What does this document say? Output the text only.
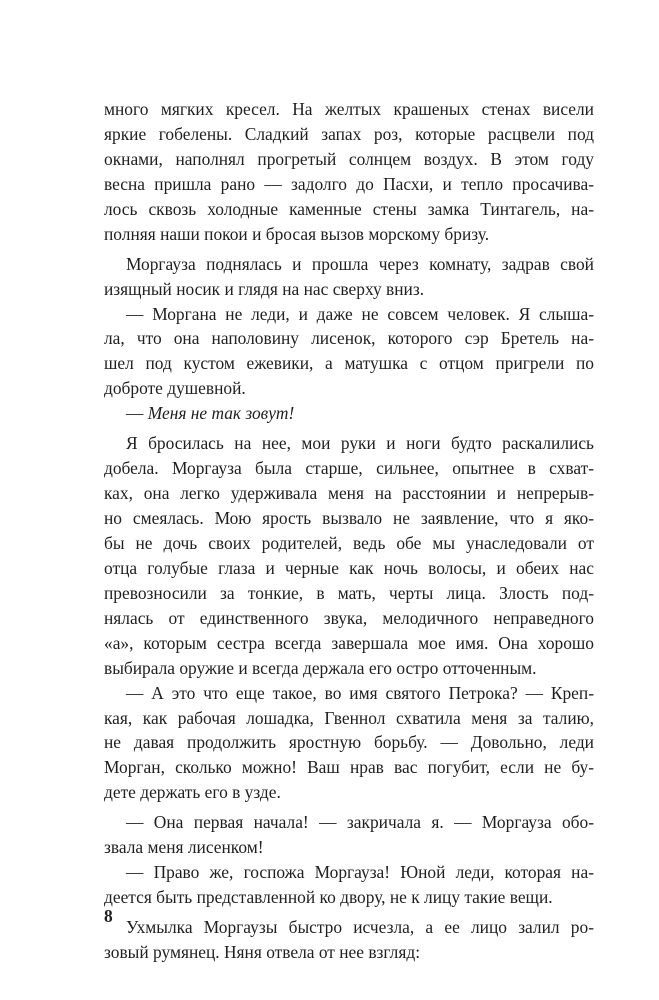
много мягких кресел. На желтых крашеных стенах висели
яркие гобелены. Сладкий запах роз, которые расцвели под
окнами, наполнял прогретый солнцем воздух. В этом году
весна пришла рано — задолго до Пасхи, и тепло просачива-
лось сквозь холодные каменные стены замка Тинтагель, на-
полняя наши покои и бросая вызов морскому бризу.
Моргауза поднялась и прошла через комнату, задрав свой
изящный носик и глядя на нас сверху вниз.
— Моргана не леди, и даже не совсем человек. Я слыша-
ла, что она наполовину лисенок, которого сэр Бретель на-
шел под кустом ежевики, а матушка с отцом пригрели по
доброте душевной.
— Меня не так зовут!
Я бросилась на нее, мои руки и ноги будто раскалились
добела. Моргауза была старше, сильнее, опытнее в схват-
ках, она легко удерживала меня на расстоянии и непрерыв-
но смеялась. Мою ярость вызвало не заявление, что я яко-
бы не дочь своих родителей, ведь обе мы унаследовали от
отца голубые глаза и черные как ночь волосы, и обеих нас
превозносили за тонкие, в мать, черты лица. Злость под-
нялась от единственного звука, мелодичного неправедного
«а», которым сестра всегда завершала мое имя. Она хорошо
выбирала оружие и всегда держала его остро отточенным.
— А это что еще такое, во имя святого Петрока? — Креп-
кая, как рабочая лошадка, Гвеннол схватила меня за талию,
не давая продолжить яростную борьбу. — Довольно, леди
Морган, сколько можно! Ваш нрав вас погубит, если не бу-
дете держать его в узде.
— Она первая начала! — закричала я. — Моргауза обо-
звала меня лисенком!
— Право же, госпожа Моргауза! Юной леди, которая на-
деется быть представленной ко двору, не к лицу такие вещи.
Ухмылка Моргаузы быстро исчезла, а ее лицо залил ро-
зовый румянец. Няня отвела от нее взгляд:
8
